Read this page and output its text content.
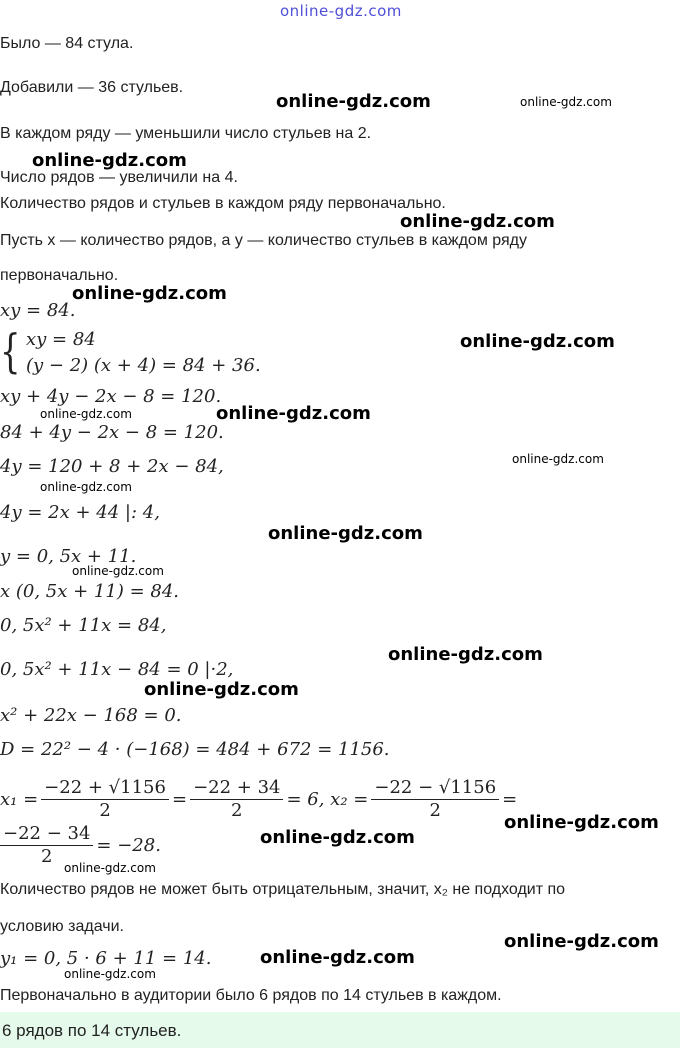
online-gdz.com
Было — 84 стула.
Добавили — 36 стульев.
В каждом ряду — уменьшили число стульев на 2.
Число рядов — увеличили на 4.
Количество рядов и стульев в каждом ряду первоначально.
Пусть x — количество рядов, а y — количество стульев в каждом ряду
первоначально.
xy = 84.
{ xy = 84
(y − 2) (x + 4) = 84 + 36.
xy + 4y − 2x − 8 = 120.
84 + 4y − 2x − 8 = 120.
4y = 120 + 8 + 2x − 84,
4y = 2x + 44 |: 4,
y = 0, 5x + 11.
x (0, 5x + 11) = 84.
0, 5x² + 11x = 84,
0, 5x² + 11x − 84 = 0 |·2,
x² + 22x − 168 = 0.
D = 22² − 4 · (−168) = 484 + 672 = 1156.
$x_1 = \frac{-22 + √1156}{2} = \frac{-22 + 34}{2} = 6$, $x_2 = \frac{-22 - √1156}{2}$ =
$\frac{-22 - 34}{2} = -28$.
Количество рядов не может быть отрицательным, значит, x₂ не подходит по
условию задачи.
y₁ = 0, 5 · 6 + 11 = 14.
Первоначально в аудитории было 6 рядов по 14 стульев в каждом.
6 рядов по 14 стульев.
online-gdz.com	online-gdz.com
online-gdz.com
online-gdz.com
online-gdz.com
online-gdz.com
online-gdz.com	online-gdz.com
online-gdz.com
online-gdz.com
online-gdz.com
online-gdz.com
online-gdz.com
online-gdz.com
online-gdz.com
online-gdz.com
online-gdz.com
online-gdz.com
online-gdz.com
online-gdz.com
